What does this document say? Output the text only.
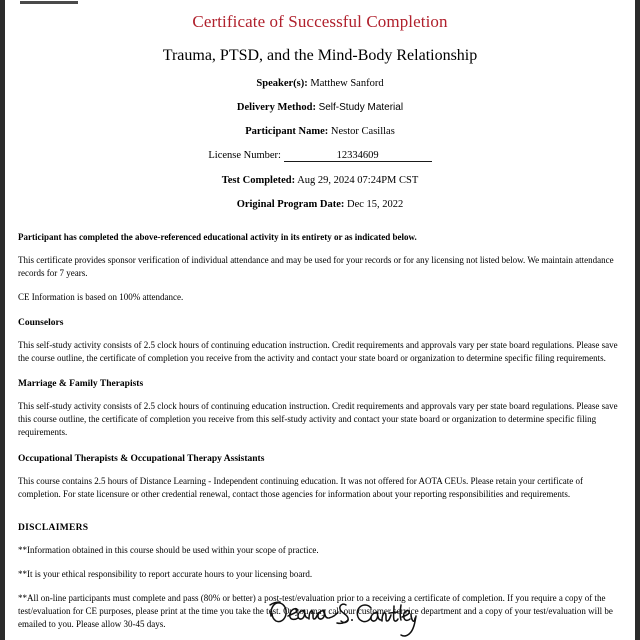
Certificate of Successful Completion
Trauma, PTSD, and the Mind-Body Relationship
Speaker(s): Matthew Sanford
Delivery Method: Self-Study Material
Participant Name: Nestor Casillas
License Number:	12334609
Test Completed: Aug 29, 2024 07:24PM CST
Original Program Date: Dec 15, 2022
Participant has completed the above-referenced educational activity in its entirety or as indicated below.
This certificate provides sponsor verification of individual attendance and may be used for your records or for any licensing not listed below. We maintain attendance records for 7 years.
CE Information is based on 100% attendance.
Counselors
This self-study activity consists of 2.5 clock hours of continuing education instruction. Credit requirements and approvals vary per state board regulations. Please save the course outline, the certificate of completion you receive from the activity and contact your state board or organization to determine specific filing requirements.
Marriage & Family Therapists
This self-study activity consists of 2.5 clock hours of continuing education instruction. Credit requirements and approvals vary per state board regulations. Please save this course outline, the certificate of completion you receive from this self-study activity and contact your state board or organization to determine specific filing requirements.
Occupational Therapists & Occupational Therapy Assistants
This course contains 2.5 hours of Distance Learning - Independent continuing education. It was not offered for AOTA CEUs. Please retain your certificate of completion. For state licensure or other credential renewal, contact those agencies for information about your reporting responsibilities and requirements.
DISCLAIMERS
**Information obtained in this course should be used within your scope of practice.
**It is your ethical responsibility to report accurate hours to your licensing board.
**All on-line participants must complete and pass (80% or better) a post-test/evaluation prior to a receiving a certificate of completion. If you require a copy of the test/evaluation for CE purposes, please print at the time you take the test. Or you may call our customer service department and a copy of your test/evaluation will be emailed to you. Please allow 30-45 days.
